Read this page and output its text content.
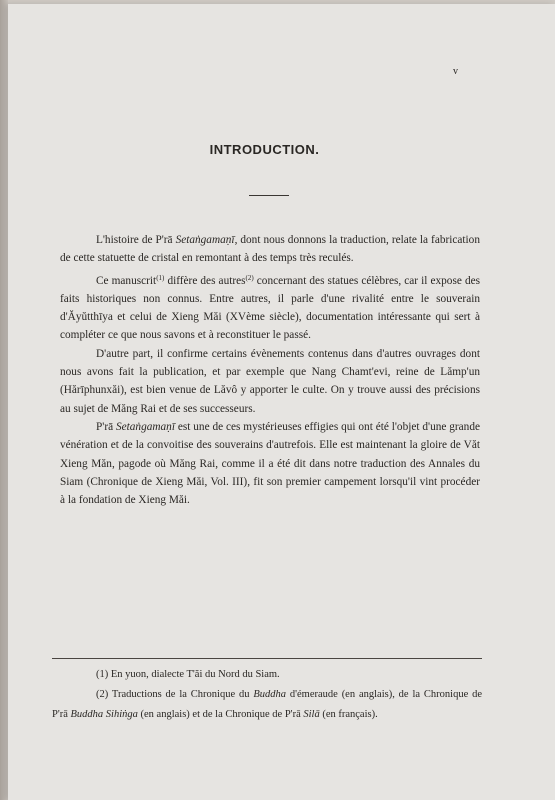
v
INTRODUCTION.

L'histoire de P'rā Setaṅgamaṇī, dont nous donnons la traduction, relate la fabrication de cette statuette de cristal en remontant à des temps très reculés.

Ce manuscrit$^{(1)}$ diffère des autres$^{(2)}$ concernant des statues célèbres, car il expose des faits historiques non connus. Entre autres, il parle d'une rivalité entre le souverain d'Ăyŭtthīya et celui de Xieng Măi (XVème siècle), documentation intéressante qui sert à compléter ce que nous savons et à reconstituer le passé.

D'autre part, il confirme certains évènements contenus dans d'autres ouvrages dont nous avons fait la publication, et par exemple que Nang Chamt'evi, reine de Lămp'un (Hărīphunxăi), est bien venue de Lăvô y apporter le culte. On y trouve aussi des précisions au sujet de Măng Rai et de ses successeurs.

P'rā Setaṅgamaṇī est une de ces mystérieuses effigies qui ont été l'objet d'une grande vénération et de la convoitise des souverains d'autrefois. Elle est maintenant la gloire de Văt Xieng Măn, pagode où Măng Rai, comme il a été dit dans notre traduction des Annales du Siam (Chronique de Xieng Măi, Vol. III), fit son premier campement lorsqu'il vint procéder à la fondation de Xieng Măi.

(1) En yuon, dialecte T'ăi du Nord du Siam.

(2) Traductions de la Chronique du Buddha d'émeraude (en anglais), de la Chronique de P'rā Buddha Sihiṅga (en anglais) et de la Chronique de P'rā Silā (en français).
